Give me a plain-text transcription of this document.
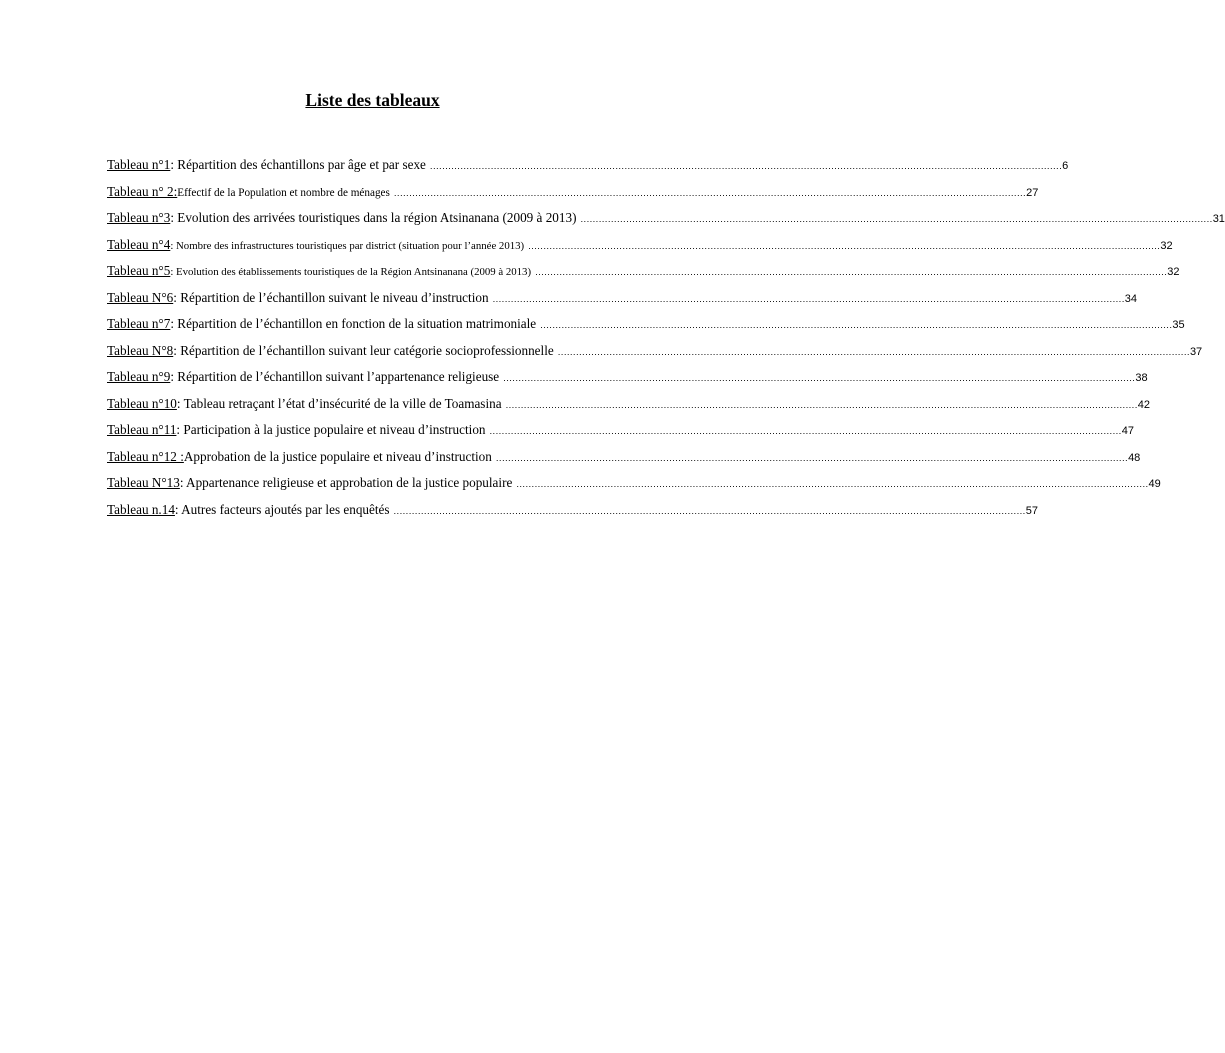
Liste des tableaux
Tableau n°1 : Répartition des échantillons par âge et par sexe .....	6
Tableau n° 2: Effectif de la Population et nombre de ménages .....	27
Tableau n°3 : Evolution des arrivées touristiques dans la région Atsinanana (2009 à 2013) .....	31
Tableau n°4 : Nombre des infrastructures touristiques par district (situation pour l’année 2013) .....	32
Tableau n°5 : Evolution des établissements touristiques de la Région Antsinanana (2009 à 2013) .....	32
Tableau N°6 : Répartition de l’échantillon suivant le niveau d’instruction .....	34
Tableau n°7 : Répartition de l’échantillon en fonction de la situation matrimoniale .....	35
Tableau N°8 : Répartition de l’échantillon suivant leur catégorie socioprofessionnelle .....	37
Tableau n°9 : Répartition de l’échantillon suivant l’appartenance religieuse .....	38
Tableau n°10 : Tableau retraçant l’état d’insécurité de la ville de Toamasina .....	42
Tableau n°11 : Participation à la justice populaire et niveau d’instruction .....	47
Tableau n°12 : Approbation de la justice populaire et niveau d’instruction .....	48
Tableau N°13 : Appartenance religieuse et approbation de la justice populaire .....	49
Tableau n.14 : Autres facteurs ajoutés par les enquêtés .....	57
